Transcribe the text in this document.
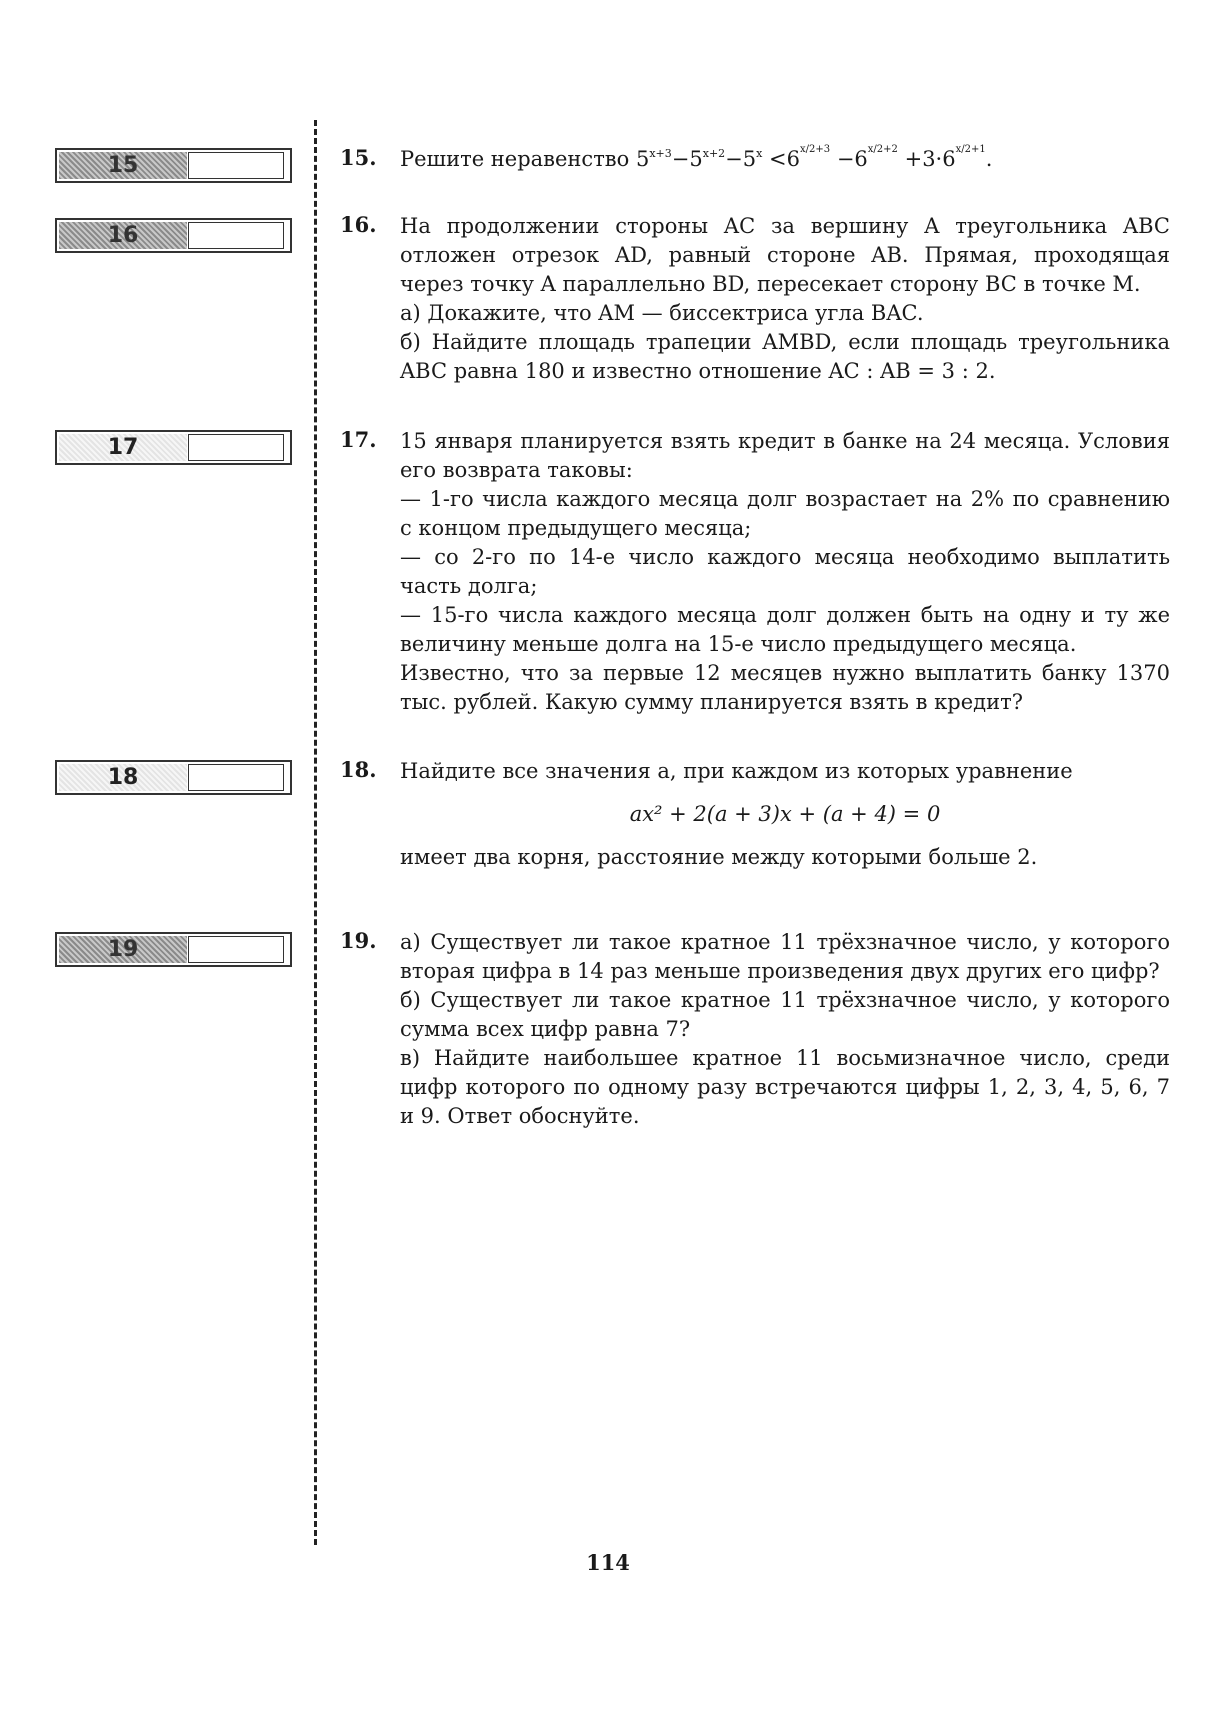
15
16
17
18
19
15. Решите неравенство $5^{x+3}-5^{x+2}-5^x <6x/2+3 -6x/2+2 +3\cdot 6x/2+1$.
16. На продолжении стороны AC за вершину A треугольника ABC отложен отрезок AD, равный стороне AB. Прямая, проходящая через точку A параллельно BD, пересекает сторону BC в точке M.

а) Докажите, что AM — биссектриса угла BAC.

б) Найдите площадь трапеции AMBD, если площадь треугольника ABC равна 180 и известно отношение AC : AB = 3 : 2.

17. 15 января планируется взять кредит в банке на 24 месяца. Условия его возврата таковы:

— 1-го числа каждого месяца долг возрастает на 2% по сравнению с концом предыдущего месяца;

— со 2-го по 14-е число каждого месяца необходимо выплатить часть долга;

— 15-го числа каждого месяца долг должен быть на одну и ту же величину меньше долга на 15-е число предыдущего месяца.

Известно, что за первые 12 месяцев нужно выплатить банку 1370 тыс. рублей. Какую сумму планируется взять в кредит?

18. Найдите все значения a, при каждом из которых уравнение

ax² + 2(a + 3)x + (a + 4) = 0

имеет два корня, расстояние между которыми больше 2.

19. а) Существует ли такое кратное 11 трёхзначное число, у которого вторая цифра в 14 раз меньше произведения двух других его цифр?

б) Существует ли такое кратное 11 трёхзначное число, у которого сумма всех цифр равна 7?

в) Найдите наибольшее кратное 11 восьмизначное число, среди цифр которого по одному разу встречаются цифры 1, 2, 3, 4, 5, 6, 7 и 9. Ответ обоснуйте.

114
